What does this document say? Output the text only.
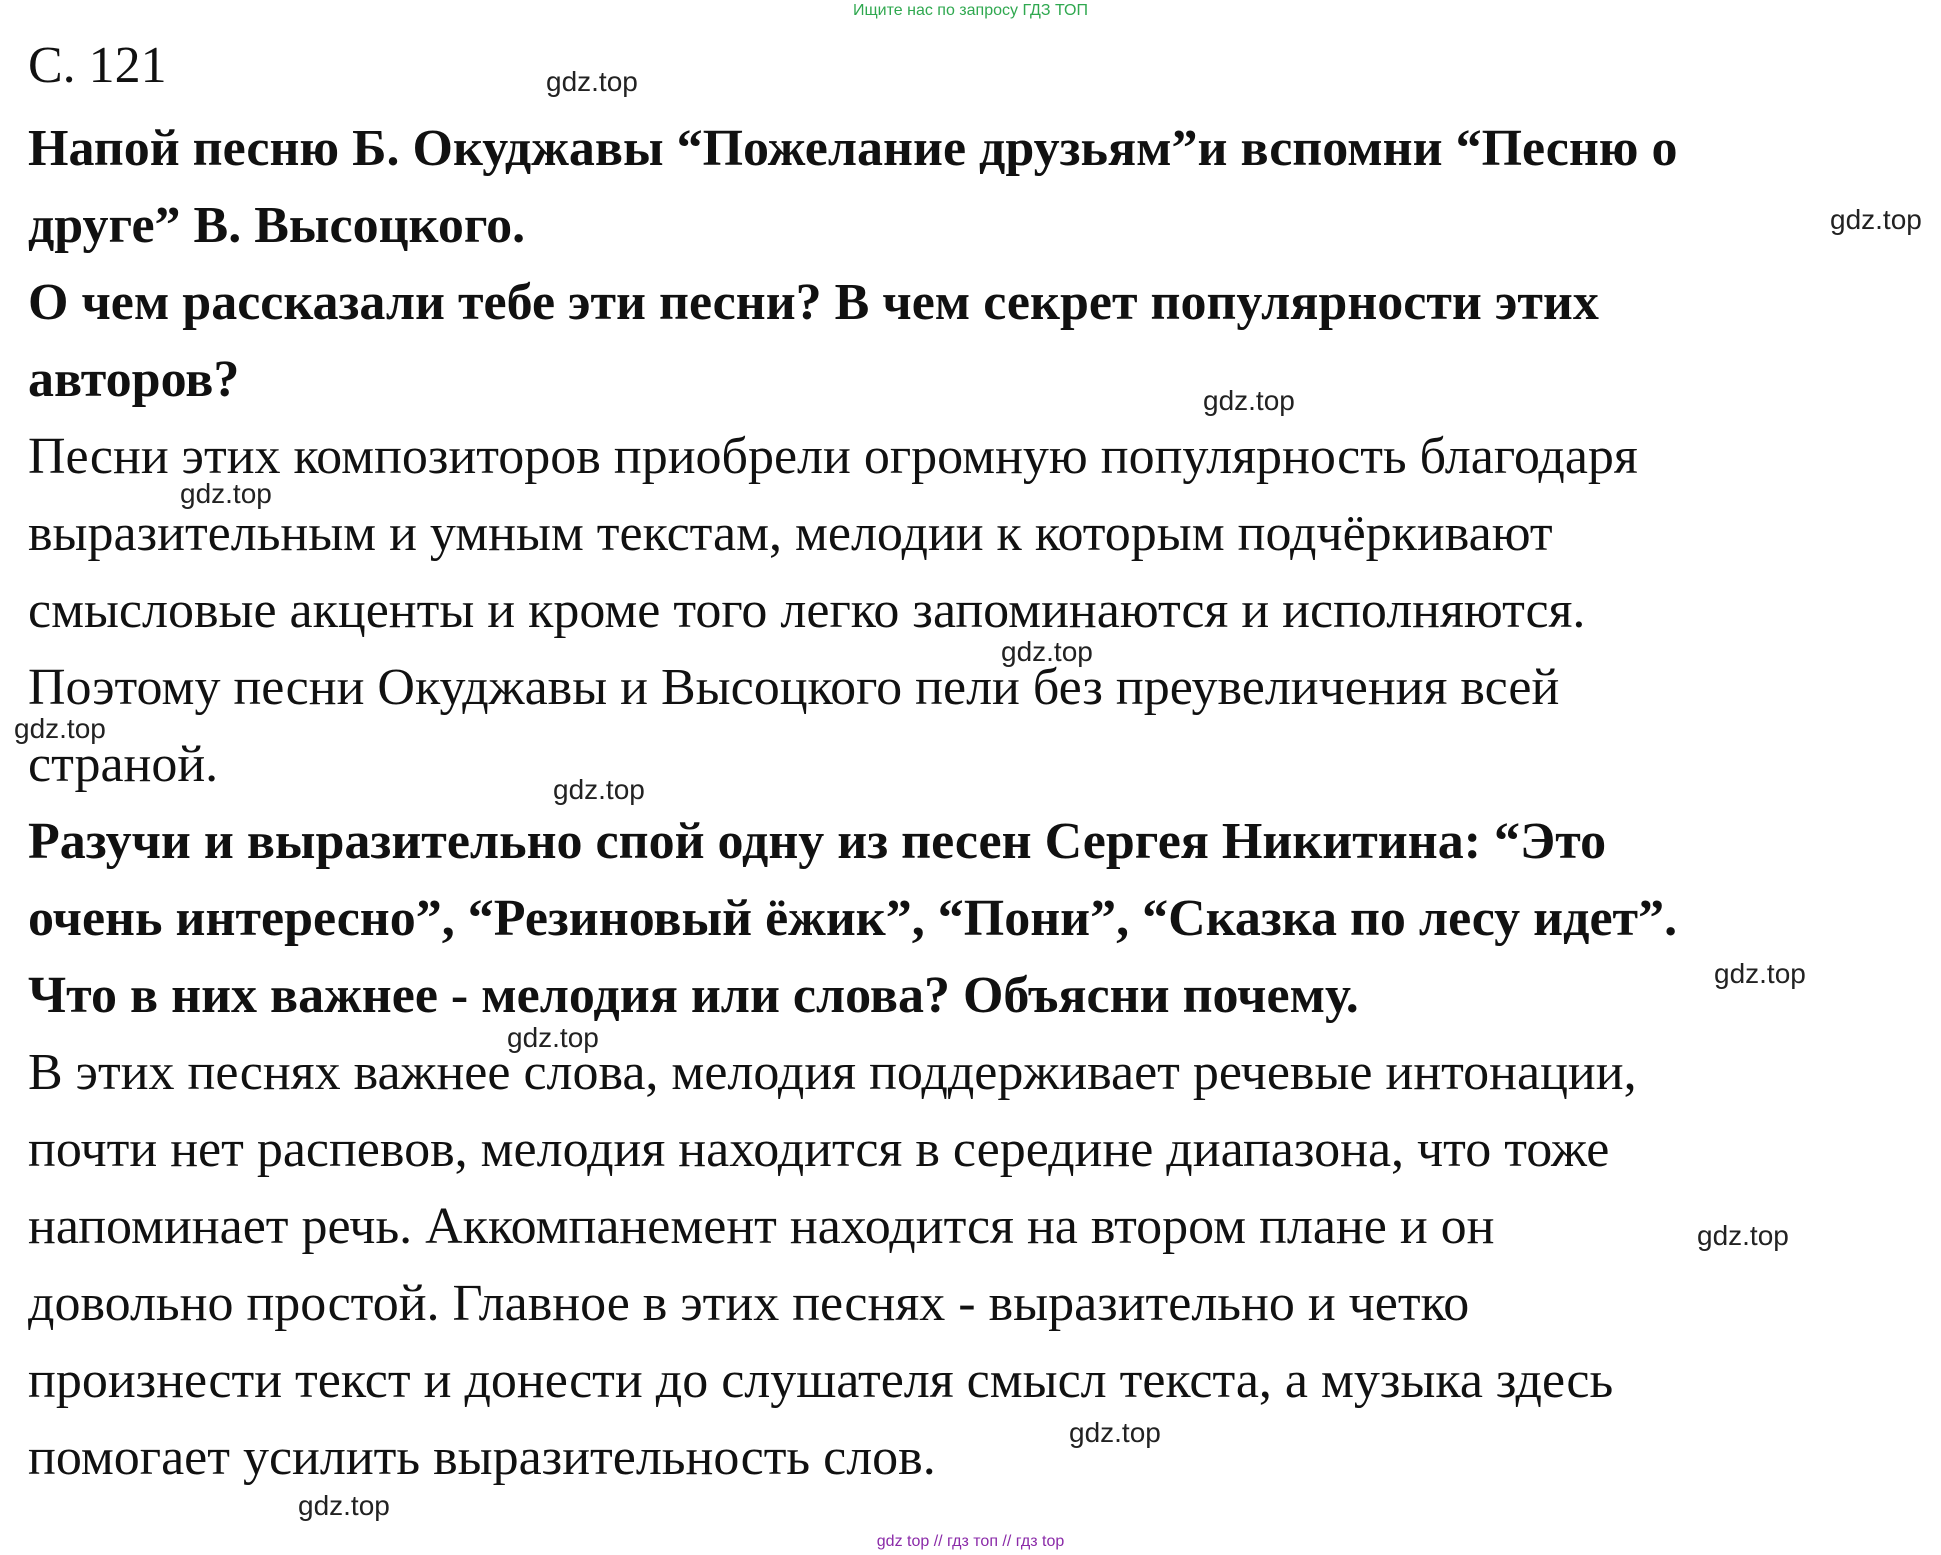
Ищите нас по запросу ГДЗ ТОП
С. 121
Напой песню Б. Окуджавы “Пожелание друзьям”и вспомни “Песню о
друге” В. Высоцкого.
О чем рассказали тебе эти песни? В чем секрет популярности этих
авторов?
Песни этих композиторов приобрели огромную популярность благодаря
выразительным и умным текстам, мелодии к которым подчёркивают
смысловые акценты и кроме того легко запоминаются и исполняются.
Поэтому песни Окуджавы и Высоцкого пели без преувеличения всей
страной.
Разучи и выразительно спой одну из песен Сергея Никитина: “Это
очень интересно”, “Резиновый ёжик”, “Пони”, “Сказка по лесу идет”.
Что в них важнее - мелодия или слова? Объясни почему.
В этих песнях важнее слова, мелодия поддерживает речевые интонации,
почти нет распевов, мелодия находится в середине диапазона, что тоже
напоминает речь. Аккомпанемент находится на втором плане и он
довольно простой. Главное в этих песнях - выразительно и четко
произнести текст и донести до слушателя смысл текста, а музыка здесь
помогает усилить выразительность слов.
gdz.top
gdz.top
gdz.top
gdz.top
gdz.top
gdz.top
gdz.top
gdz.top
gdz.top
gdz.top
gdz.top
gdz.top
gdz top // гдз топ // гдз top
